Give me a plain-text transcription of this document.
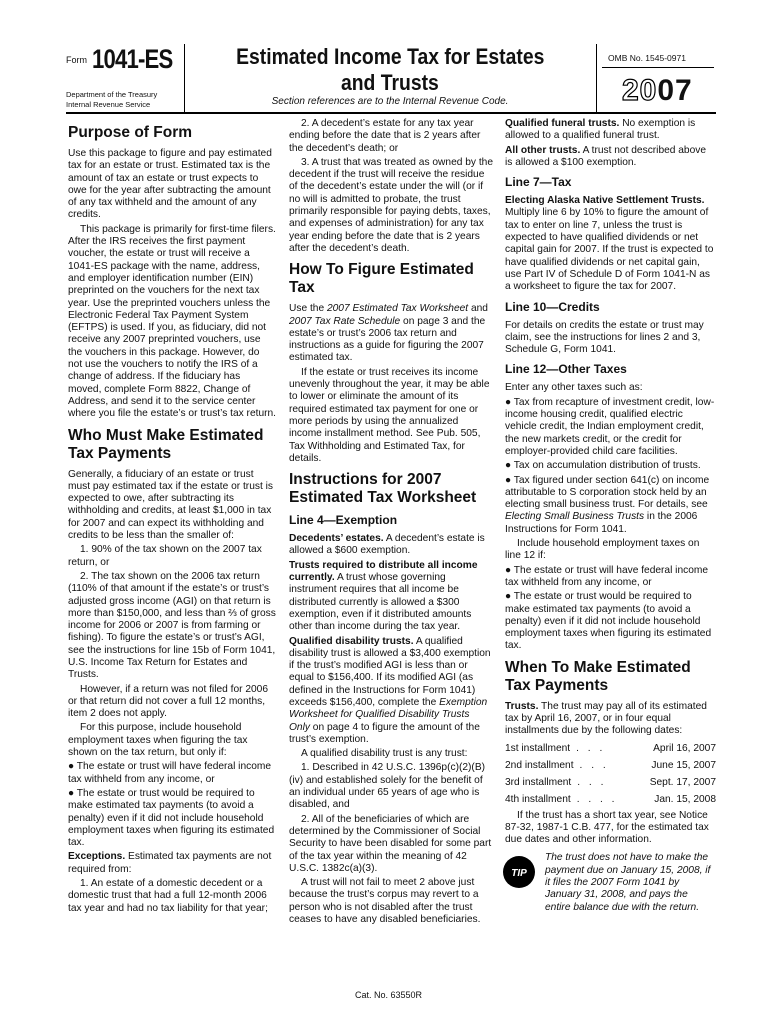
Form 1041-ES
Department of the Treasury
Internal Revenue Service
Estimated Income Tax for Estates
and Trusts
Section references are to the Internal Revenue Code.
OMB No. 1545-0971
2007
Purpose of Form

Use this package to figure and pay estimated tax for an estate or trust. Estimated tax is the amount of tax an estate or trust expects to owe for the year after subtracting the amount of any tax withheld and the amount of any credits.

This package is primarily for first-time filers. After the IRS receives the first payment voucher, the estate or trust will receive a 1041-ES package with the name, address, and employer identification number (EIN) preprinted on the vouchers for the next tax year. Use the preprinted vouchers unless the Electronic Federal Tax Payment System (EFTPS) is used. If you, as fiduciary, did not receive any 2007 preprinted vouchers, use the vouchers in this package. However, do not use the vouchers to notify the IRS of a change of address. If the fiduciary has moved, complete Form 8822, Change of Address, and send it to the service center where you file the estate’s or trust’s tax return.

Who Must Make Estimated Tax Payments

Generally, a fiduciary of an estate or trust must pay estimated tax if the estate or trust is expected to owe, after subtracting its withholding and credits, at least $1,000 in tax for 2007 and can expect its withholding and credits to be less than the smaller of:

1. 90% of the tax shown on the 2007 tax return, or

2. The tax shown on the 2006 tax return (110% of that amount if the estate’s or trust’s adjusted gross income (AGI) on that return is more than $150,000, and less than ⅔ of gross income for 2006 or 2007 is from farming or fishing). To figure the estate’s or trust’s AGI, see the instructions for line 15b of Form 1041, U.S. Income Tax Return for Estates and Trusts.

However, if a return was not filed for 2006 or that return did not cover a full 12 months, item 2 does not apply.

For this purpose, include household employment taxes when figuring the tax shown on the tax return, but only if:

● The estate or trust will have federal income tax withheld from any income, or

● The estate or trust would be required to make estimated tax payments (to avoid a penalty) even if it did not include household employment taxes when figuring its estimated tax.

Exceptions. Estimated tax payments are not required from:

1. An estate of a domestic decedent or a domestic trust that had a full 12-month 2006 tax year and had no tax liability for that year;

2. A decedent’s estate for any tax year ending before the date that is 2 years after the decedent’s death; or

3. A trust that was treated as owned by the decedent if the trust will receive the residue of the decedent’s estate under the will (or if no will is admitted to probate, the trust primarily responsible for paying debts, taxes, and expenses of administration) for any tax year ending before the date that is 2 years after the decedent’s death.

How To Figure Estimated Tax

Use the 2007 Estimated Tax Worksheet and 2007 Tax Rate Schedule on page 3 and the estate’s or trust’s 2006 tax return and instructions as a guide for figuring the 2007 estimated tax.

If the estate or trust receives its income unevenly throughout the year, it may be able to lower or eliminate the amount of its required estimated tax payment for one or more periods by using the annualized income installment method. See Pub. 505, Tax Withholding and Estimated Tax, for details.

Instructions for 2007 Estimated Tax Worksheet
Line 4—Exemption

Decedents’ estates. A decedent’s estate is allowed a $600 exemption.

Trusts required to distribute all income currently. A trust whose governing instrument requires that all income be distributed currently is allowed a $300 exemption, even if it distributed amounts other than income during the tax year.

Qualified disability trusts. A qualified disability trust is allowed a $3,400 exemption if the trust’s modified AGI is less than or equal to $156,400. If its modified AGI (as defined in the Instructions for Form 1041) exceeds $156,400, complete the Exemption Worksheet for Qualified Disability Trusts Only on page 4 to figure the amount of the trust’s exemption.

A qualified disability trust is any trust:

1. Described in 42 U.S.C. 1396p(c)(2)(B)(iv) and established solely for the benefit of an individual under 65 years of age who is disabled, and

2. All of the beneficiaries of which are determined by the Commissioner of Social Security to have been disabled for some part of the tax year within the meaning of 42 U.S.C. 1382c(a)(3).

A trust will not fail to meet 2 above just because the trust’s corpus may revert to a person who is not disabled after the trust ceases to have any disabled beneficiaries.

Qualified funeral trusts. No exemption is allowed to a qualified funeral trust.

All other trusts. A trust not described above is allowed a $100 exemption.

Line 7—Tax

Electing Alaska Native Settlement Trusts. Multiply line 6 by 10% to figure the amount of tax to enter on line 7, unless the trust is expected to have qualified dividends or net capital gain for 2007. If the trust is expected to have qualified dividends or net capital gain, use Part IV of Schedule D of Form 1041-N as a worksheet to figure the tax for 2007.

Line 10—Credits

For details on credits the estate or trust may claim, see the instructions for lines 2 and 3, Schedule G, Form 1041.

Line 12—Other Taxes

Enter any other taxes such as:

● Tax from recapture of investment credit, low-income housing credit, qualified electric vehicle credit, the Indian employment credit, the new markets credit, or the credit for employer-provided child care facilities.

● Tax on accumulation distribution of trusts.

● Tax figured under section 641(c) on income attributable to S corporation stock held by an electing small business trust. For details, see Electing Small Business Trusts in the 2006 Instructions for Form 1041.

Include household employment taxes on line 12 if:

● The estate or trust will have federal income tax withheld from any income, or

● The estate or trust would be required to make estimated tax payments (to avoid a penalty) even if it did not include household employment taxes when figuring its estimated tax.

When To Make Estimated Tax Payments

Trusts. The trust may pay all of its estimated tax by April 16, 2007, or in four equal installments due by the following dates:

1st installment . . .	April 16, 2007
2nd installment . . .	June 15, 2007
3rd installment . . .	Sept. 17, 2007
4th installment . . . .	Jan. 15, 2008

If the trust has a short tax year, see Notice 87-32, 1987-1 C.B. 477, for the estimated tax due dates and other information.

TIP
The trust does not have to make the payment due on January 15, 2008, if it files the 2007 Form 1041 by January 31, 2008, and pays the entire balance due with the return.
Cat. No. 63550R
